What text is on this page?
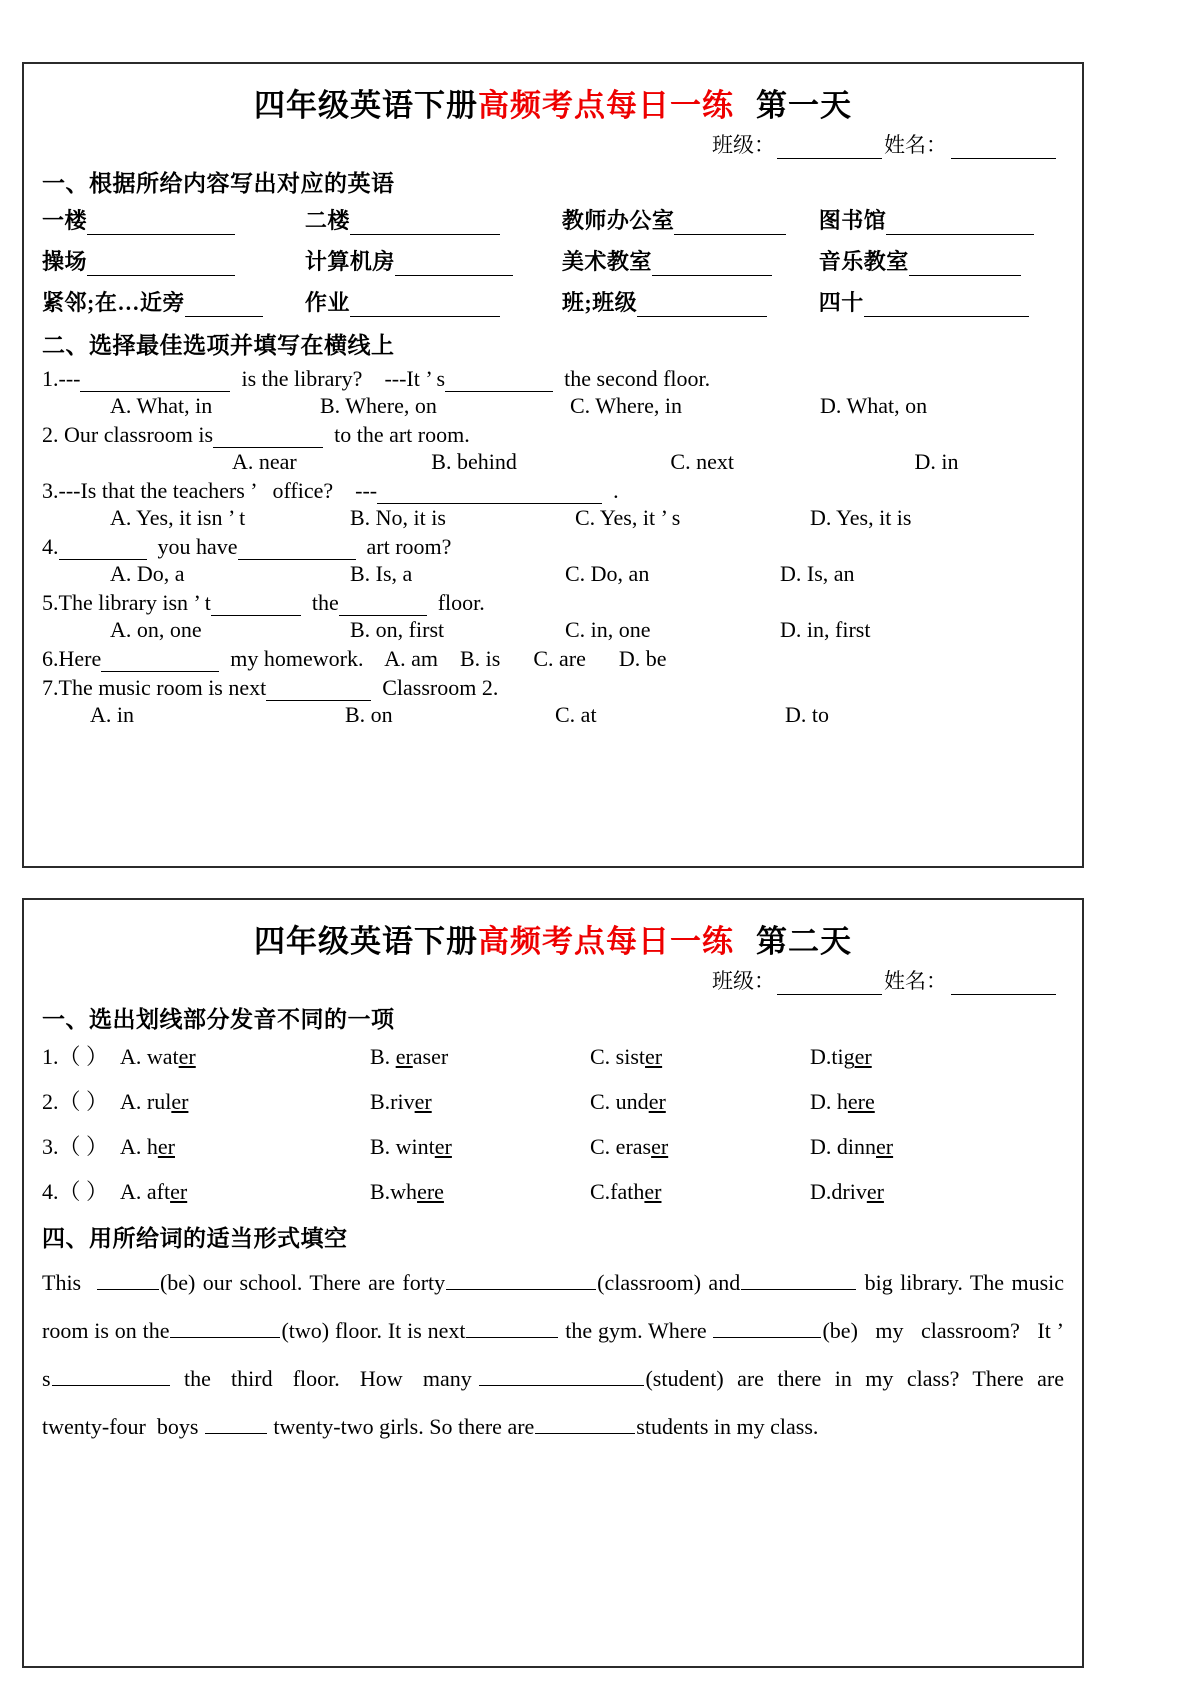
四年级英语下册高频考点每日一练 第一天
班级：	姓名：
一、根据所给内容写出对应的英语
一楼	二楼	教师办公室	图书馆
操场	计算机房	美术教室	音乐教室
紧邻;在…近旁	作业	班;班级	四十
二、选择最佳选项并填写在横线上
1.---	is the library?    ---It ’ s	the second floor.
A. What, in	B. Where, on	C. Where, in	D. What, on
2. Our classroom is	to the art room.
A. near	B. behind	C. next	D. in
3.---Is that the teachers ’   office?    ---	.
A. Yes, it isn ’ t	B. No, it is	C. Yes, it ’ s	D. Yes, it is
4.	you have	art room?
A. Do, a	B. Is, a	C. Do, an	D. Is, an
5.The library isn ’ t	the	floor.
A. on, one	B. on, first	C. in, one	D. in, first
6.Here	my homework.    A. am    B. is      C. are      D. be
7.The music room is next	Classroom 2.
A. in	B. on	C. at	D. to
四年级英语下册高频考点每日一练 第二天
班级：	姓名：
一、选出划线部分发音不同的一项
1.（ ） A. water	B. eraser	C. sister	D.tiger
2.（ ） A. ruler	B.river	C. under	D. here
3.（ ） A. her	B. winter	C. eraser	D. dinner
4.（ ） A. after	B.where	C.father	D.driver
四、用所给词的适当形式填空
This	(be) our school. There are forty	(classroom) and	big library. The music room is on the	(two) floor. It is next	the gym. Where	(be)   my   classroom?   It ’ s	the   third   floor.   How   many	(student)  are  there  in  my  class?  There  are  twenty-four  boys	twenty-two girls. So there are	students in my class.
